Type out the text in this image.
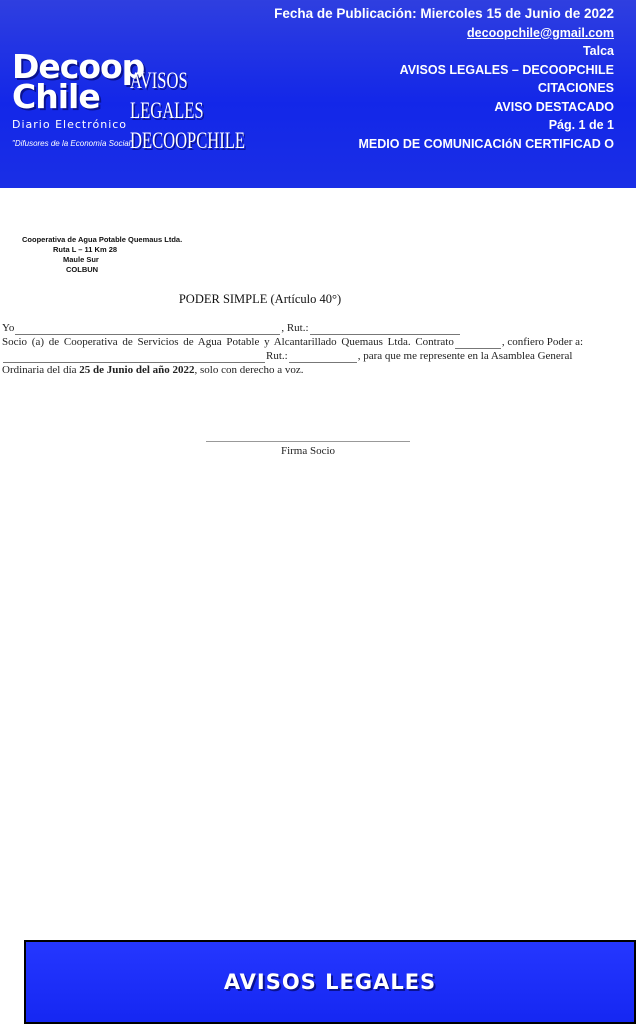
Decoop
Chile
Diario Electrónico
"Difusores de la Economía Social"
AVISOS
LEGALES
DECOOPCHILE
Fecha de Publicación: Miercoles 15 de Junio de 2022
decoopchile@gmail.com
Talca
AVISOS LEGALES – DECOOPCHILE
CITACIONES
AVISO DESTACADO
Pág. 1 de 1
MEDIO DE COMUNICACIóN CERTIFICAD O
Cooperativa de Agua Potable Quemaus Ltda.
Ruta L – 11 Km 28
Maule Sur
COLBUN
PODER SIMPLE (Artículo 40°)
Yo	, Rut.:
Socio (a) de Cooperativa de Servicios de Agua Potable y Alcantarillado Quemaus Ltda. Contrato	, confiero Poder a:
Rut.:	, para que me represente en la Asamblea General
Ordinaria del día
25 de Junio del año 2022 , solo con derecho a voz.
Firma Socio
AVISOS LEGALES
